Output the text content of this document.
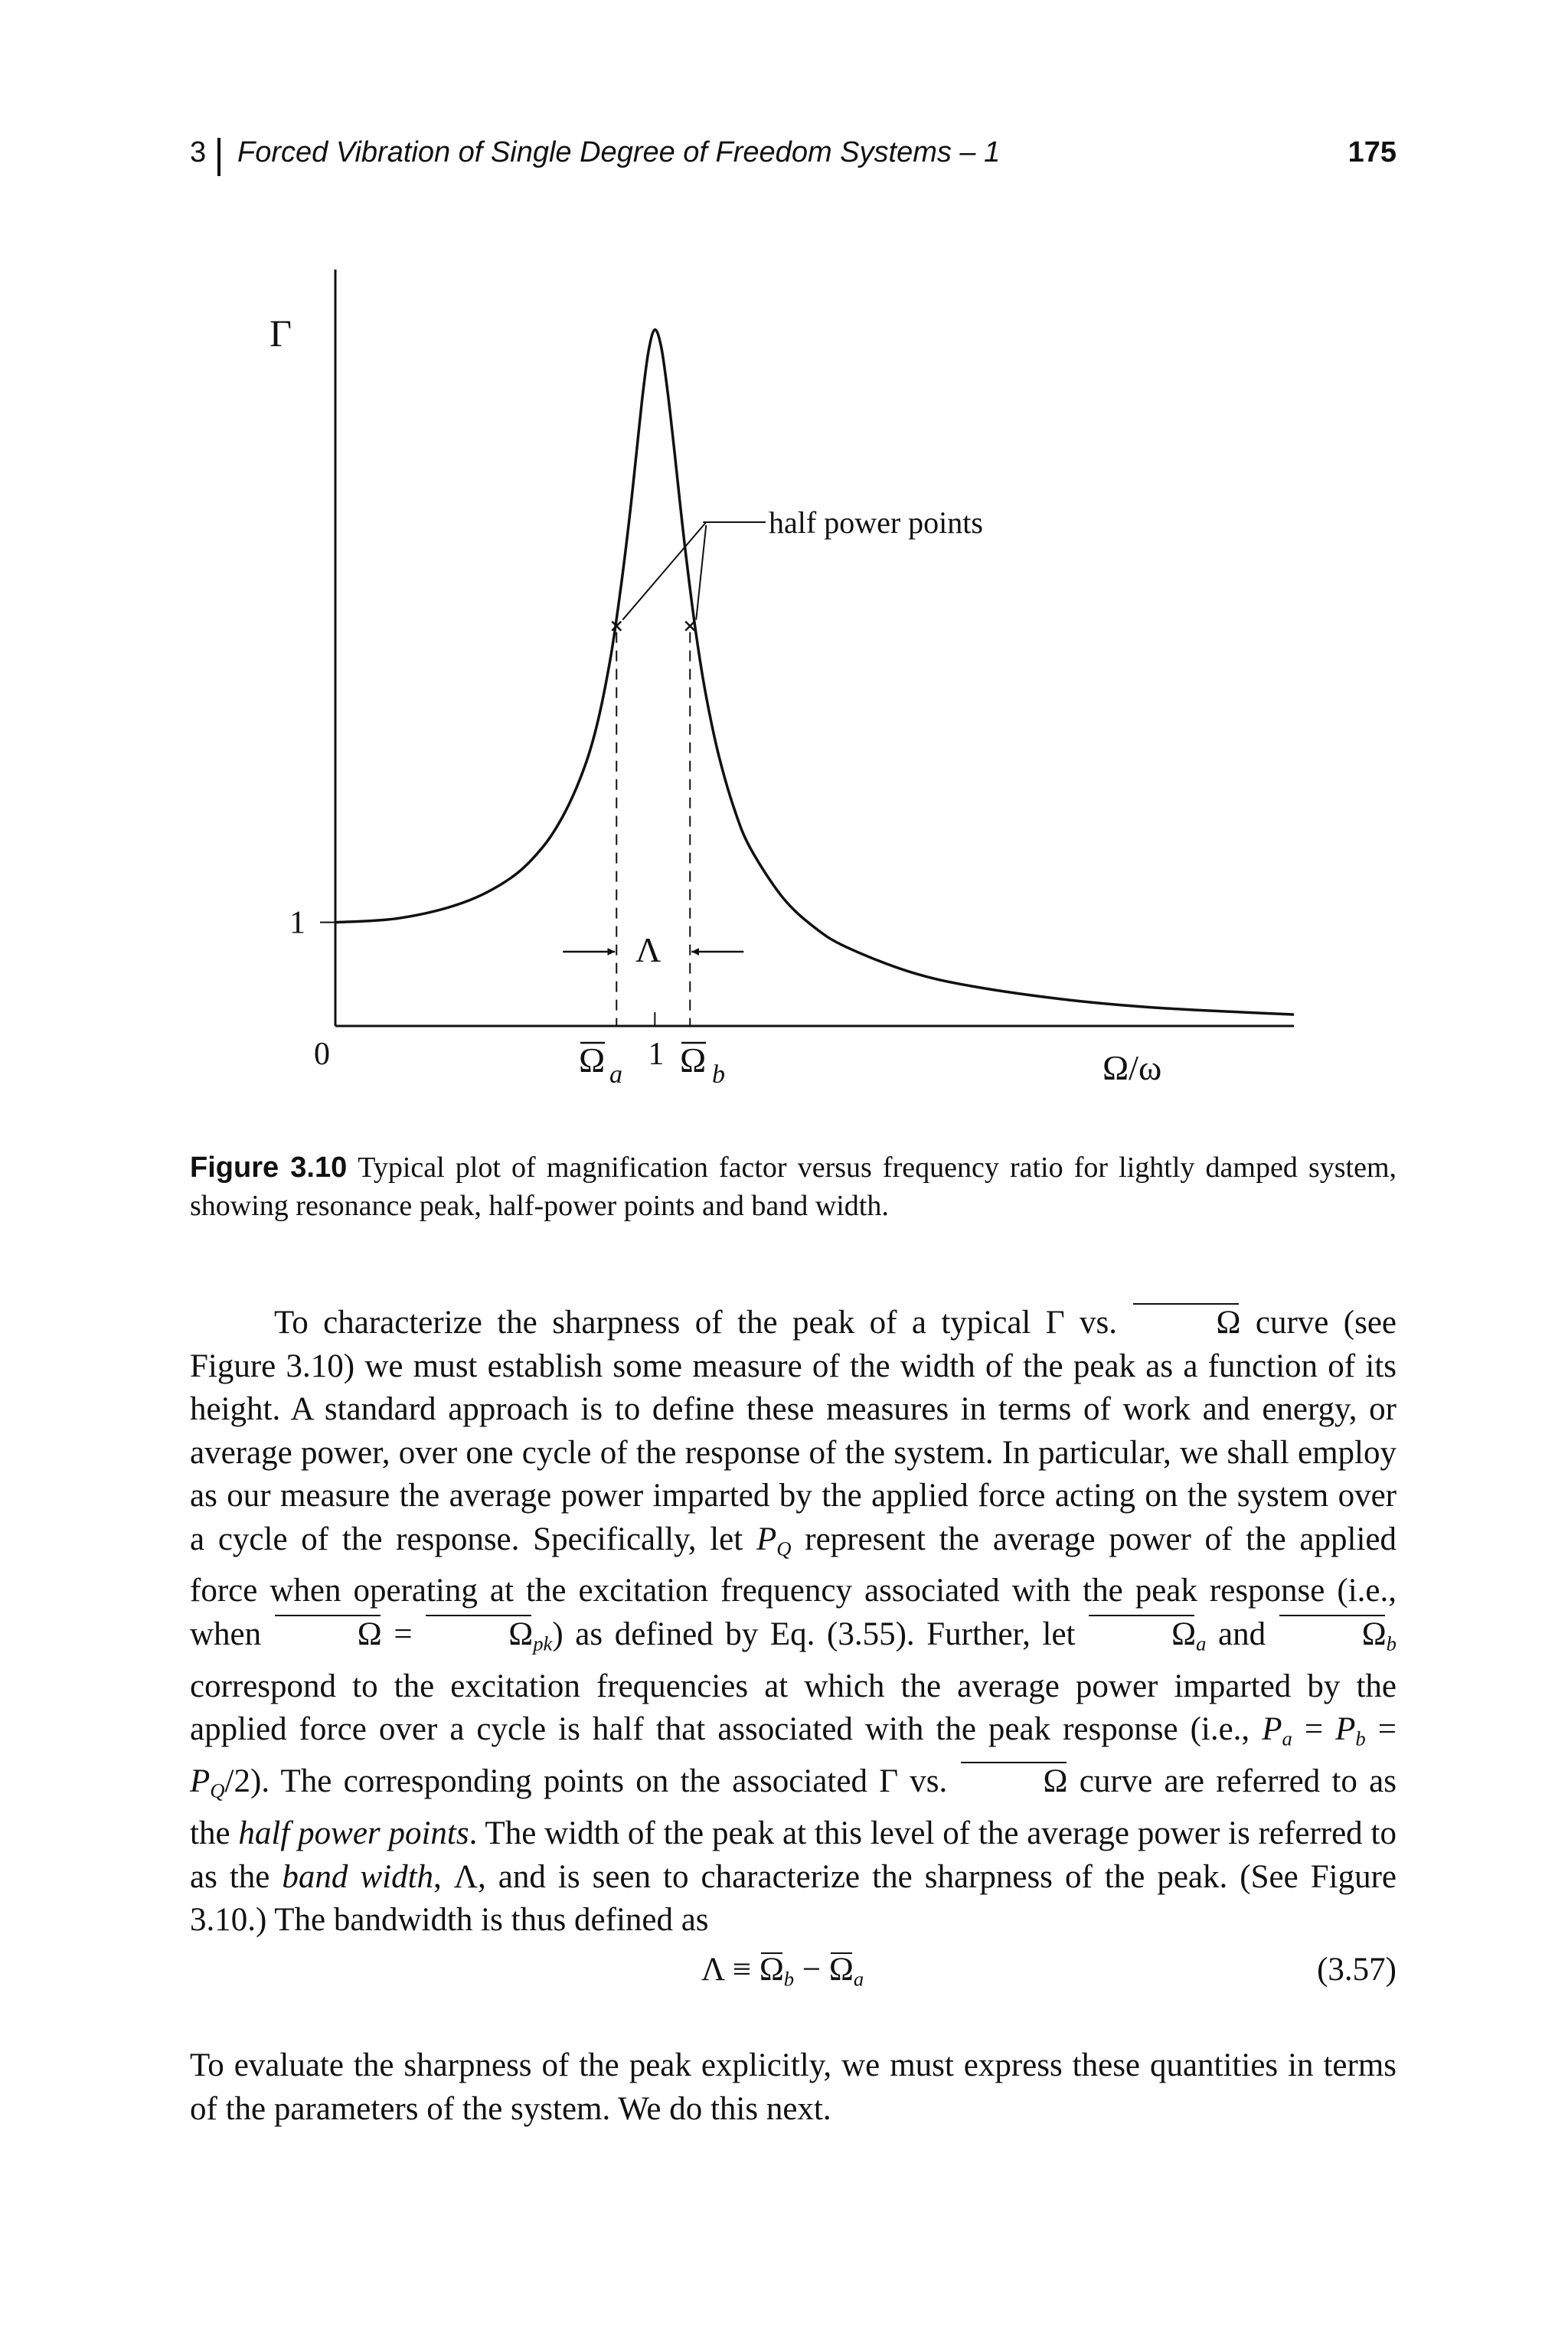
3 Forced Vibration of Single Degree of Freedom Systems – 1	175
1
0	1
Γ
Ω/ω
half power points
Λ
Ω a Ω b
Figure 3.10 Typical plot of magnification factor versus frequency ratio for lightly damped system, showing resonance peak, half-power points and band width.

To characterize the sharpness of the peak of a typical Γ vs.	Ω curve (see Figure 3.10) we must establish some measure of the width of the peak as a function of its height. A standard approach is to define these measures in terms of work and energy, or average power, over one cycle of the response of the system. In particular, we shall employ as our measure the average power imparted by the applied force acting on the system over a cycle of the response. Specifically, let $P_Q$ represent the average power of the applied force when operating at the excitation frequency associated with the peak response (i.e., when	Ω =	$\Omega_{pk}$) as defined by Eq. (3.55). Further, let	$\Omega_a$ and	$\Omega_b$ correspond to the excitation frequencies at which the average power imparted by the applied force over a cycle is half that associated with the peak response (i.e., $P_a = P_b = P_Q/2$). The corresponding points on the associated Γ vs.	Ω curve are referred to as the half power points. The width of the peak at this level of the average power is referred to as the band width, Λ, and is seen to characterize the sharpness of the peak. (See Figure 3.10.) The bandwidth is thus defined as

$\Lambda \equiv \Omega_b - \Omega_a$	(3.57)
To evaluate the sharpness of the peak explicitly, we must express these quantities in terms of the parameters of the system. We do this next.
